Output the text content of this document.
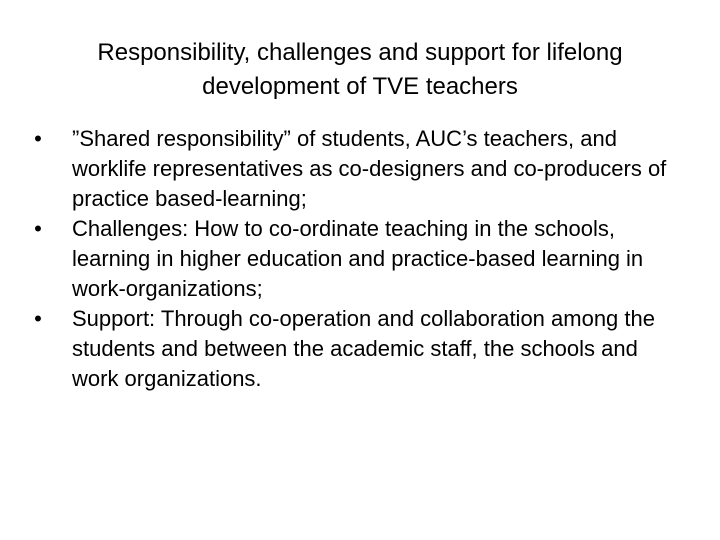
Responsibility, challenges and support for lifelong
development of TVE teachers
• ”Shared responsibility” of students, AUC’s teachers, and worklife representatives as co-designers and co-producers of practice based-learning;
• Challenges: How to co-ordinate teaching in the schools, learning in higher education and practice-based learning in work-organizations;
• Support: Through co-operation and collaboration among the students and between the academic staff, the schools and work organizations.
